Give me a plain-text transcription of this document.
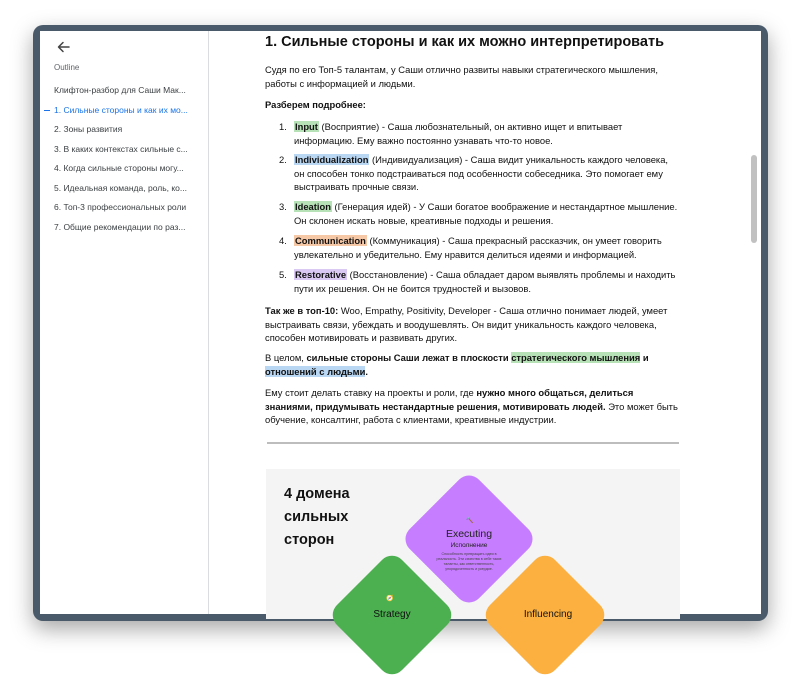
Outline
Клифтон-разбор для Саши Мак...
1. Сильные стороны и как их мо...
2. Зоны развития
3. В каких контекстах сильные с...
4. Когда сильные стороны могу...
5. Идеальная команда, роль, ко...
6. Топ-3 профессиональных роли
7. Общие рекомендации по раз...
1. Сильные стороны и как их можно интерпретировать

Судя по его Топ-5 талантам, у Саши отлично развиты навыки стратегического мышления, работы с информацией и людьми.

Разберем подробнее:

1. Input (Восприятие) - Саша любознательный, он активно ищет и впитывает информацию. Ему важно постоянно узнавать что-то новое.

2. Individualization (Индивидуализация) - Саша видит уникальность каждого человека, он способен тонко подстраиваться под особенности собеседника. Это помогает ему выстраивать прочные связи.

3. Ideation (Генерация идей) - У Саши богатое воображение и нестандартное мышление. Он склонен искать новые, креативные подходы и решения.

4. Communication (Коммуникация) - Саша прекрасный рассказчик, он умеет говорить увлекательно и убедительно. Ему нравится делиться идеями и информацией.

5. Restorative (Восстановление) - Саша обладает даром выявлять проблемы и находить пути их решения. Он не боится трудностей и вызовов.

Так же в топ-10: Woo, Empathy, Positivity, Developer - Саша отлично понимает людей, умеет выстраивать связи, убеждать и воодушевлять. Он видит уникальность каждого человека, способен мотивировать и развивать других.

В целом, сильные стороны Саши лежат в плоскости стратегического мышления и отношений с людьми.

Ему стоит делать ставку на проекты и роли, где нужно много общаться, делиться знаниями, придумывать нестандартные решения, мотивировать людей. Это может быть обучение, консалтинг, работа с клиентами, креативные индустрии.

4 домена сильных сторон
🔨
Executing
Исполнение
Способность превращать идеи в реальность. Эти качества в себе таких таланты, как ответственность, упорядоченность и усердие.
🧭
Strategy	Influencing
